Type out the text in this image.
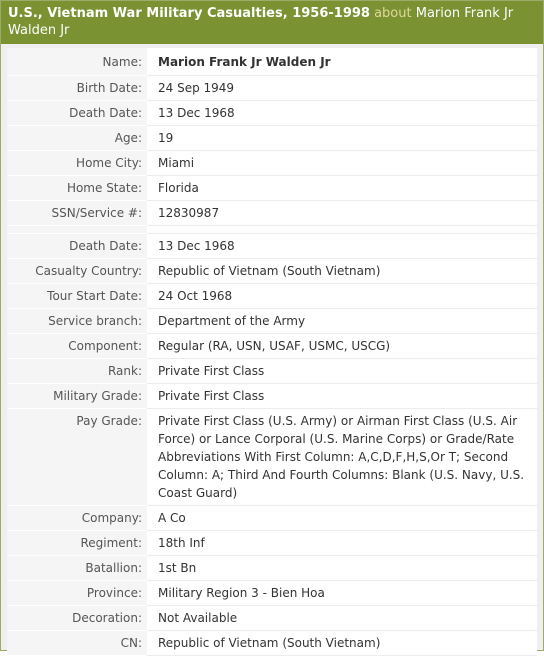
U.S., Vietnam War Military Casualties, 1956-1998 about Marion Frank Jr Walden Jr
Name:	Marion Frank Jr Walden Jr
Birth Date:	24 Sep 1949
Death Date:	13 Dec 1968
Age:	19
Home City:	Miami
Home State:	Florida
SSN/Service #:	12830987

Death Date:	13 Dec 1968
Casualty Country:	Republic of Vietnam (South Vietnam)
Tour Start Date:	24 Oct 1968
Service branch:	Department of the Army
Component:	Regular (RA, USN, USAF, USMC, USCG)
Rank:	Private First Class
Military Grade:	Private First Class
Pay Grade:	Private First Class (U.S. Army) or Airman First Class (U.S. Air Force) or Lance Corporal (U.S. Marine Corps) or Grade/Rate Abbreviations With First Column: A,C,D,F,H,S,Or T; Second Column: A; Third And Fourth Columns: Blank (U.S. Navy, U.S. Coast Guard)
Company:	A Co
Regiment:	18th Inf
Batallion:	1st Bn
Province:	Military Region 3 - Bien Hoa
Decoration:	Not Available
CN:	Republic of Vietnam (South Vietnam)
